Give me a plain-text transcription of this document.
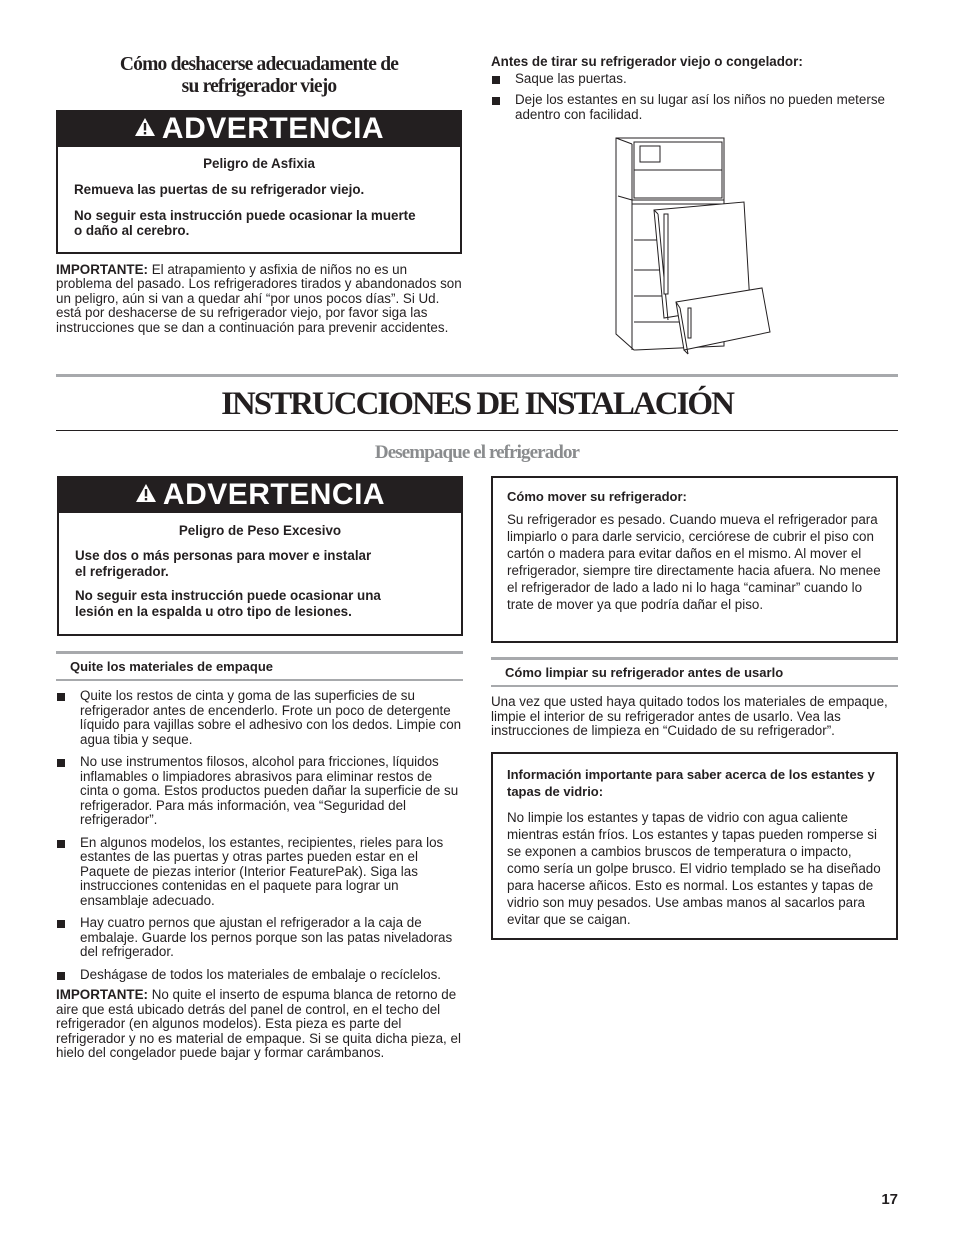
Cómo deshacerse adecuadamente de
su refrigerador viejo
ADVERTENCIA

Peligro de Asfixia

Remueva las puertas de su refrigerador viejo.

No seguir esta instrucción puede ocasionar la muerte
o daño al cerebro.

IMPORTANTE: El atrapamiento y asfixia de niños no es un problema del pasado. Los refrigeradores tirados y abandonados son un peligro, aún si van a quedar ahí “por unos pocos días”. Si Ud. está por deshacerse de su refrigerador viejo, por favor siga las instrucciones que se dan a continuación para prevenir accidentes.

Antes de tirar su refrigerador viejo o congelador:
Saque las puertas.
Deje los estantes en su lugar así los niños no pueden meterse adentro con facilidad.
INSTRUCCIONES DE INSTALACIÓN
Desempaque el refrigerador
ADVERTENCIA

Peligro de Peso Excesivo

Use dos o más personas para mover e instalar
el refrigerador.

No seguir esta instrucción puede ocasionar una
lesión en la espalda u otro tipo de lesiones.

Quite los materiales de empaque
Quite los restos de cinta y goma de las superficies de su refrigerador antes de encenderlo. Frote un poco de detergente líquido para vajillas sobre el adhesivo con los dedos. Limpie con agua tibia y seque.
No use instrumentos filosos, alcohol para fricciones, líquidos inflamables o limpiadores abrasivos para eliminar restos de cinta o goma. Estos productos pueden dañar la superficie de su refrigerador. Para más información, vea “Seguridad del refrigerador”.
En algunos modelos, los estantes, recipientes, rieles para los estantes de las puertas y otras partes pueden estar en el Paquete de piezas interior (Interior FeaturePak). Siga las instrucciones contenidas en el paquete para lograr un ensamblaje adecuado.
Hay cuatro pernos que ajustan el refrigerador a la caja de embalaje. Guarde los pernos porque son las patas niveladoras del refrigerador.
Deshágase de todos los materiales de embalaje o recíclelos.

IMPORTANTE: No quite el inserto de espuma blanca de retorno de aire que está ubicado detrás del panel de control, en el techo del refrigerador (en algunos modelos). Esta pieza es parte del refrigerador y no es material de empaque. Si se quita dicha pieza, el hielo del congelador puede bajar y formar carámbanos.

Cómo mover su refrigerador:

Su refrigerador es pesado. Cuando mueva el refrigerador para limpiarlo o para darle servicio, cerciórese de cubrir el piso con cartón o madera para evitar daños en el mismo. Al mover el refrigerador, siempre tire directamente hacia afuera. No menee el refrigerador de lado a lado ni lo haga “caminar” cuando lo trate de mover ya que podría dañar el piso.

Cómo limpiar su refrigerador antes de usarlo

Una vez que usted haya quitado todos los materiales de empaque, limpie el interior de su refrigerador antes de usarlo. Vea las instrucciones de limpieza en “Cuidado de su refrigerador”.

Información importante para saber acerca de los estantes y tapas de vidrio:

No limpie los estantes y tapas de vidrio con agua caliente mientras están fríos. Los estantes y tapas pueden romperse si se exponen a cambios bruscos de temperatura o impacto, como sería un golpe brusco. El vidrio templado se ha diseñado para hacerse añicos. Esto es normal. Los estantes y tapas de vidrio son muy pesados. Use ambas manos al sacarlos para evitar que se caigan.

17
